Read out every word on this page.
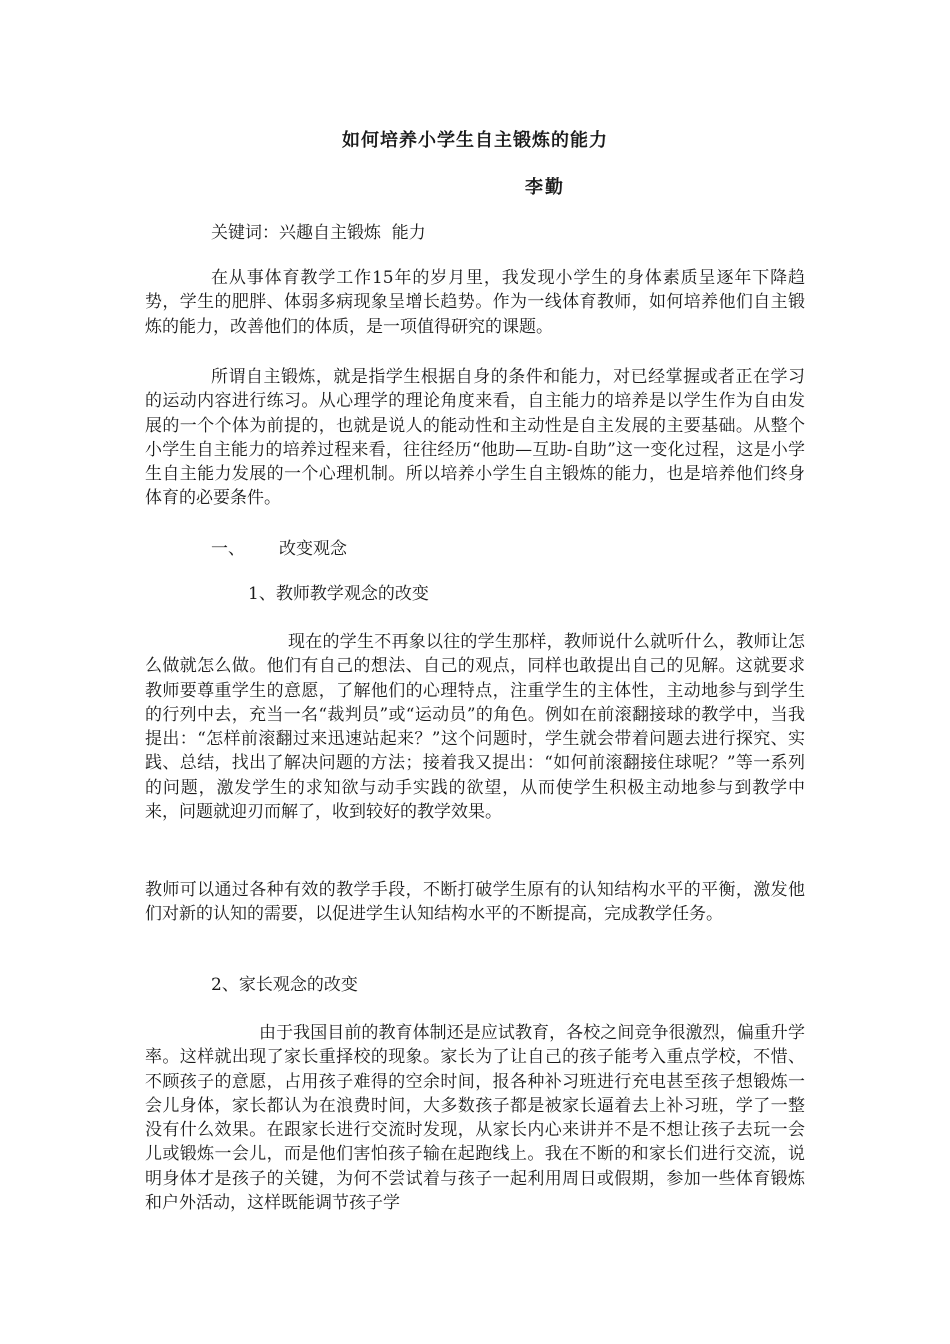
如何培养小学生自主锻炼的能力
李勤
关键词：兴趣自主锻炼  能力
在从事体育教学工作15年的岁月里，我发现小学生的身体素质呈逐年下降趋势，学生的肥胖、体弱多病现象呈增长趋势。作为一线体育教师，如何培养他们自主锻炼的能力，改善他们的体质，是一项值得研究的课题。
所谓自主锻炼，就是指学生根据自身的条件和能力，对已经掌握或者正在学习的运动内容进行练习。从心理学的理论角度来看，自主能力的培养是以学生作为自由发展的一个个体为前提的，也就是说人的能动性和主动性是自主发展的主要基础。从整个小学生自主能力的培养过程来看，往往经历“他助—互助-自助”这一变化过程，这是小学生自主能力发展的一个心理机制。所以培养小学生自主锻炼的能力，也是培养他们终身体育的必要条件。
一、 改变观念
1、教师教学观念的改变
现在的学生不再象以往的学生那样，教师说什么就听什么，教师让怎么做就怎么做。他们有自己的想法、自己的观点，同样也敢提出自己的见解。这就要求教师要尊重学生的意愿，了解他们的心理特点，注重学生的主体性，主动地参与到学生的行列中去，充当一名“裁判员”或“运动员”的角色。例如在前滚翻接球的教学中，当我提出：“怎样前滚翻过来迅速站起来？”这个问题时，学生就会带着问题去进行探究、实践、总结，找出了解决问题的方法；接着我又提出：“如何前滚翻接住球呢？”等一系列的问题，激发学生的求知欲与动手实践的欲望，从而使学生积极主动地参与到教学中来，问题就迎刃而解了，收到较好的教学效果。
教师可以通过各种有效的教学手段，不断打破学生原有的认知结构水平的平衡，激发他们对新的认知的需要，以促进学生认知结构水平的不断提高，完成教学任务。
2、家长观念的改变
由于我国目前的教育体制还是应试教育，各校之间竞争很激烈，偏重升学率。这样就出现了家长重择校的现象。家长为了让自己的孩子能考入重点学校，不惜、不顾孩子的意愿，占用孩子难得的空余时间，报各种补习班进行充电甚至孩子想锻炼一会儿身体，家长都认为在浪费时间，大多数孩子都是被家长逼着去上补习班，学了一整没有什么效果。在跟家长进行交流时发现，从家长内心来讲并不是不想让孩子去玩一会儿或锻炼一会儿，而是他们害怕孩子输在起跑线上。我在不断的和家长们进行交流，说明身体才是孩子的关键，为何不尝试着与孩子一起利用周日或假期，参加一些体育锻炼和户外活动，这样既能调节孩子学
